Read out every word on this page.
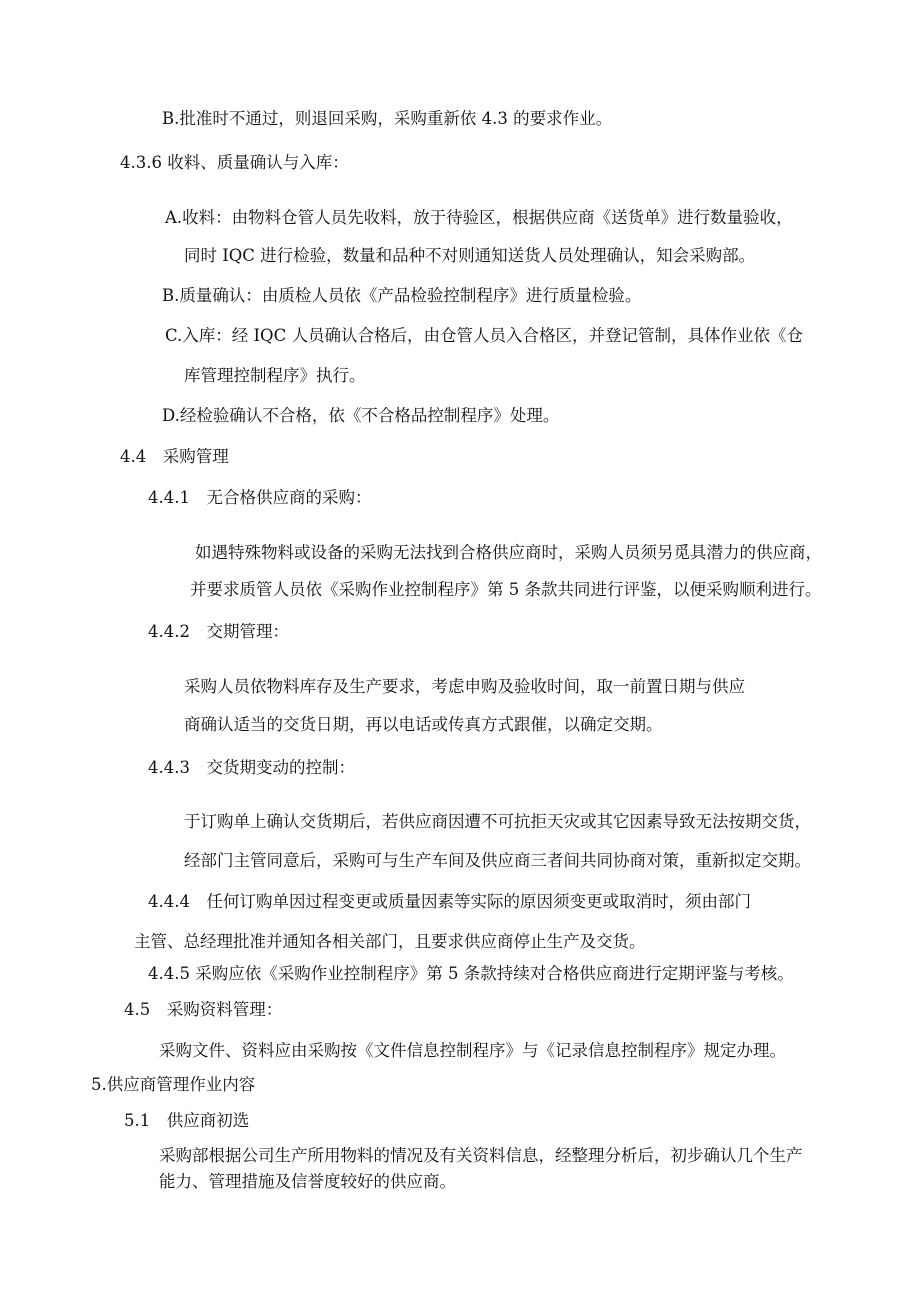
B.批准时不通过，则退回采购，采购重新依 4.3 的要求作业。
4.3.6 收料、质量确认与入库：
A.收料：由物料仓管人员先收料，放于待验区，根据供应商《送货单》进行数量验收，
同时 IQC 进行检验，数量和品种不对则通知送货人员处理确认，知会采购部。
B.质量确认：由质检人员依《产品检验控制程序》进行质量检验。
C.入库：经 IQC 人员确认合格后，由仓管人员入合格区，并登记管制，具体作业依《仓
库管理控制程序》执行。
D.经检验确认不合格，依《不合格品控制程序》处理。
4.4　采购管理
4.4.1　无合格供应商的采购：
如遇特殊物料或设备的采购无法找到合格供应商时，采购人员须另觅具潜力的供应商，
并要求质管人员依《采购作业控制程序》第 5 条款共同进行评鉴，以便采购顺利进行。
4.4.2　交期管理：
采购人员依物料库存及生产要求，考虑申购及验收时间，取一前置日期与供应
商确认适当的交货日期，再以电话或传真方式跟催，以确定交期。
4.4.3　交货期变动的控制：
于订购单上确认交货期后，若供应商因遭不可抗拒天灾或其它因素导致无法按期交货，
经部门主管同意后，采购可与生产车间及供应商三者间共同协商对策，重新拟定交期。
4.4.4　任何订购单因过程变更或质量因素等实际的原因须变更或取消时，须由部门
主管、总经理批准并通知各相关部门，且要求供应商停止生产及交货。
4.4.5 采购应依《采购作业控制程序》第 5 条款持续对合格供应商进行定期评鉴与考核。
4.5　采购资料管理：
采购文件、资料应由采购按《文件信息控制程序》与《记录信息控制程序》规定办理。
5.供应商管理作业内容
5.1　供应商初选
采购部根据公司生产所用物料的情况及有关资料信息，经整理分析后，初步确认几个生产
能力、管理措施及信誉度较好的供应商。
